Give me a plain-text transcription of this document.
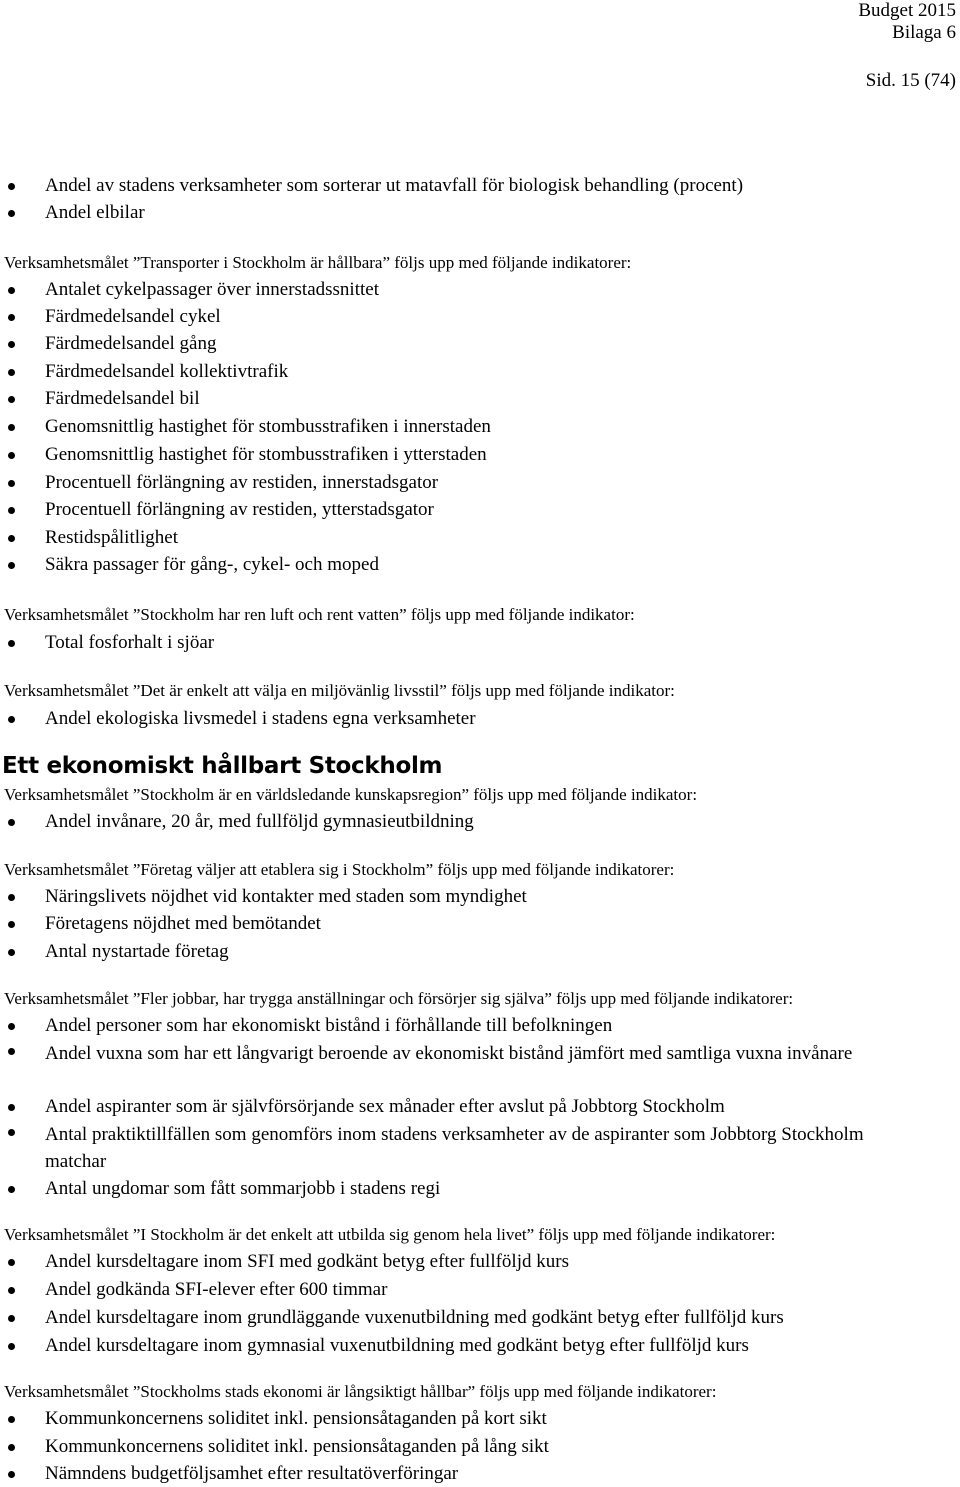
Budget 2015
Bilaga 6
Sid. 15 (74)
Andel av stadens verksamheter som sorterar ut matavfall för biologisk behandling (procent)
Andel elbilar
Verksamhetsmålet ”Transporter i Stockholm är hållbara” följs upp med följande indikatorer:
Antalet cykelpassager över innerstadssnittet
Färdmedelsandel cykel
Färdmedelsandel gång
Färdmedelsandel kollektivtrafik
Färdmedelsandel bil
Genomsnittlig hastighet för stombusstrafiken i innerstaden
Genomsnittlig hastighet för stombusstrafiken i ytterstaden
Procentuell förlängning av restiden, innerstadsgator
Procentuell förlängning av restiden, ytterstadsgator
Restidspålitlighet
Säkra passager för gång-, cykel- och moped
Verksamhetsmålet ”Stockholm har ren luft och rent vatten” följs upp med följande indikator:
Total fosforhalt i sjöar
Verksamhetsmålet ”Det är enkelt att välja en miljövänlig livsstil” följs upp med följande indikator:
Andel ekologiska livsmedel i stadens egna verksamheter
Verksamhetsmålet ”Stockholm är en världsledande kunskapsregion” följs upp med följande indikator:
Andel invånare, 20 år, med fullföljd gymnasieutbildning
Verksamhetsmålet ”Företag väljer att etablera sig i Stockholm” följs upp med följande indikatorer:
Näringslivets nöjdhet vid kontakter med staden som myndighet
Företagens nöjdhet med bemötandet
Antal nystartade företag
Verksamhetsmålet ”Fler jobbar, har trygga anställningar och försörjer sig själva” följs upp med följande indikatorer:
Andel personer som har ekonomiskt bistånd i förhållande till befolkningen
Andel vuxna som har ett långvarigt beroende av ekonomiskt bistånd jämfört med samtliga vuxna invånare
Andel aspiranter som är självförsörjande sex månader efter avslut på Jobbtorg Stockholm
Antal praktiktillfällen som genomförs inom stadens verksamheter av de aspiranter som Jobbtorg Stockholm matchar
Antal ungdomar som fått sommarjobb i stadens regi
Verksamhetsmålet ”I Stockholm är det enkelt att utbilda sig genom hela livet” följs upp med följande indikatorer:
Andel kursdeltagare inom SFI med godkänt betyg efter fullföljd kurs
Andel godkända SFI-elever efter 600 timmar
Andel kursdeltagare inom grundläggande vuxenutbildning med godkänt betyg efter fullföljd kurs
Andel kursdeltagare inom gymnasial vuxenutbildning med godkänt betyg efter fullföljd kurs
Verksamhetsmålet ”Stockholms stads ekonomi är långsiktigt hållbar” följs upp med följande indikatorer:
Kommunkoncernens soliditet inkl. pensionsåtaganden på kort sikt
Kommunkoncernens soliditet inkl. pensionsåtaganden på lång sikt
Nämndens budgetföljsamhet efter resultatöverföringar
Ett ekonomiskt hållbart Stockholm
